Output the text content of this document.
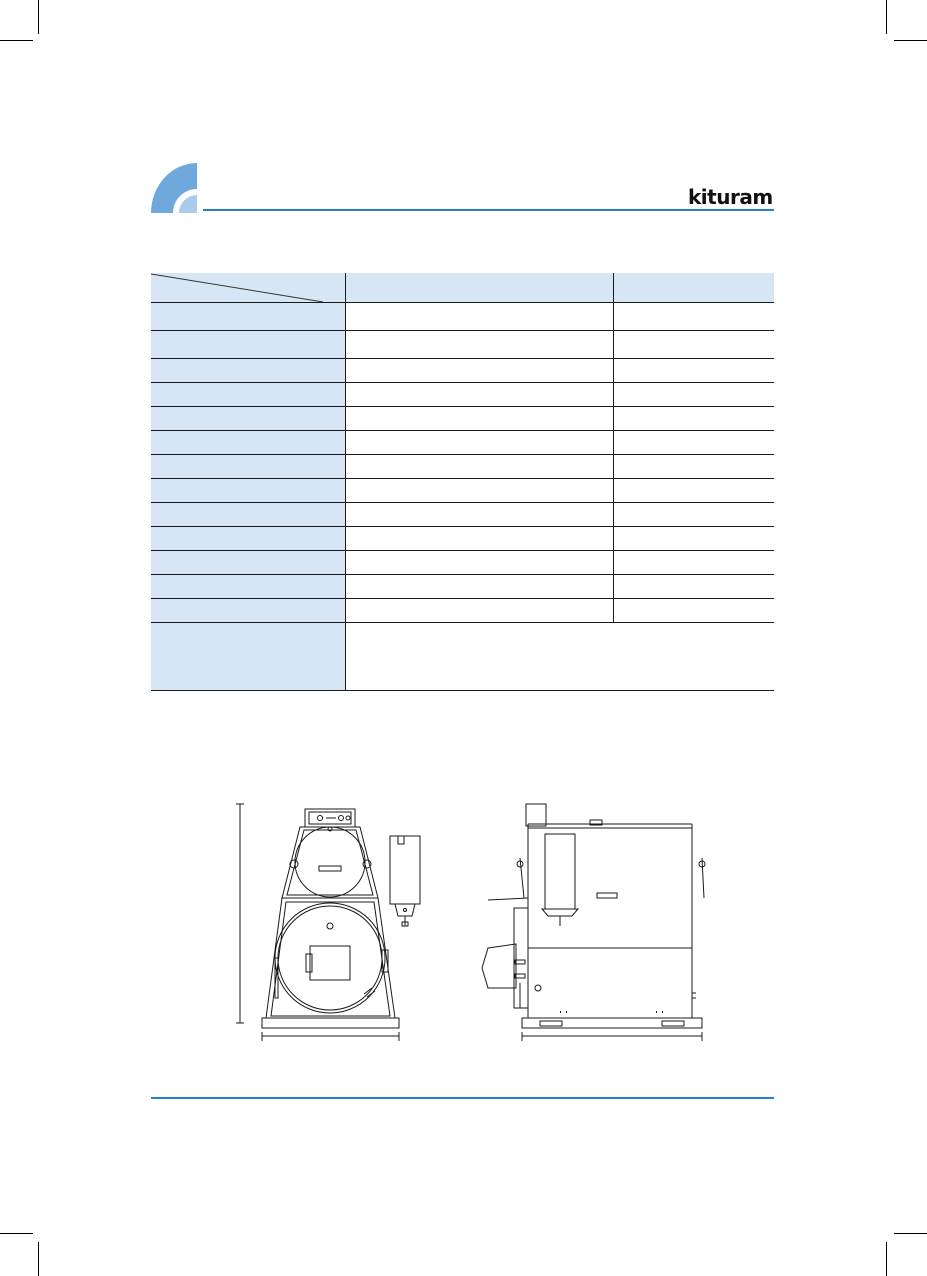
kiturami
